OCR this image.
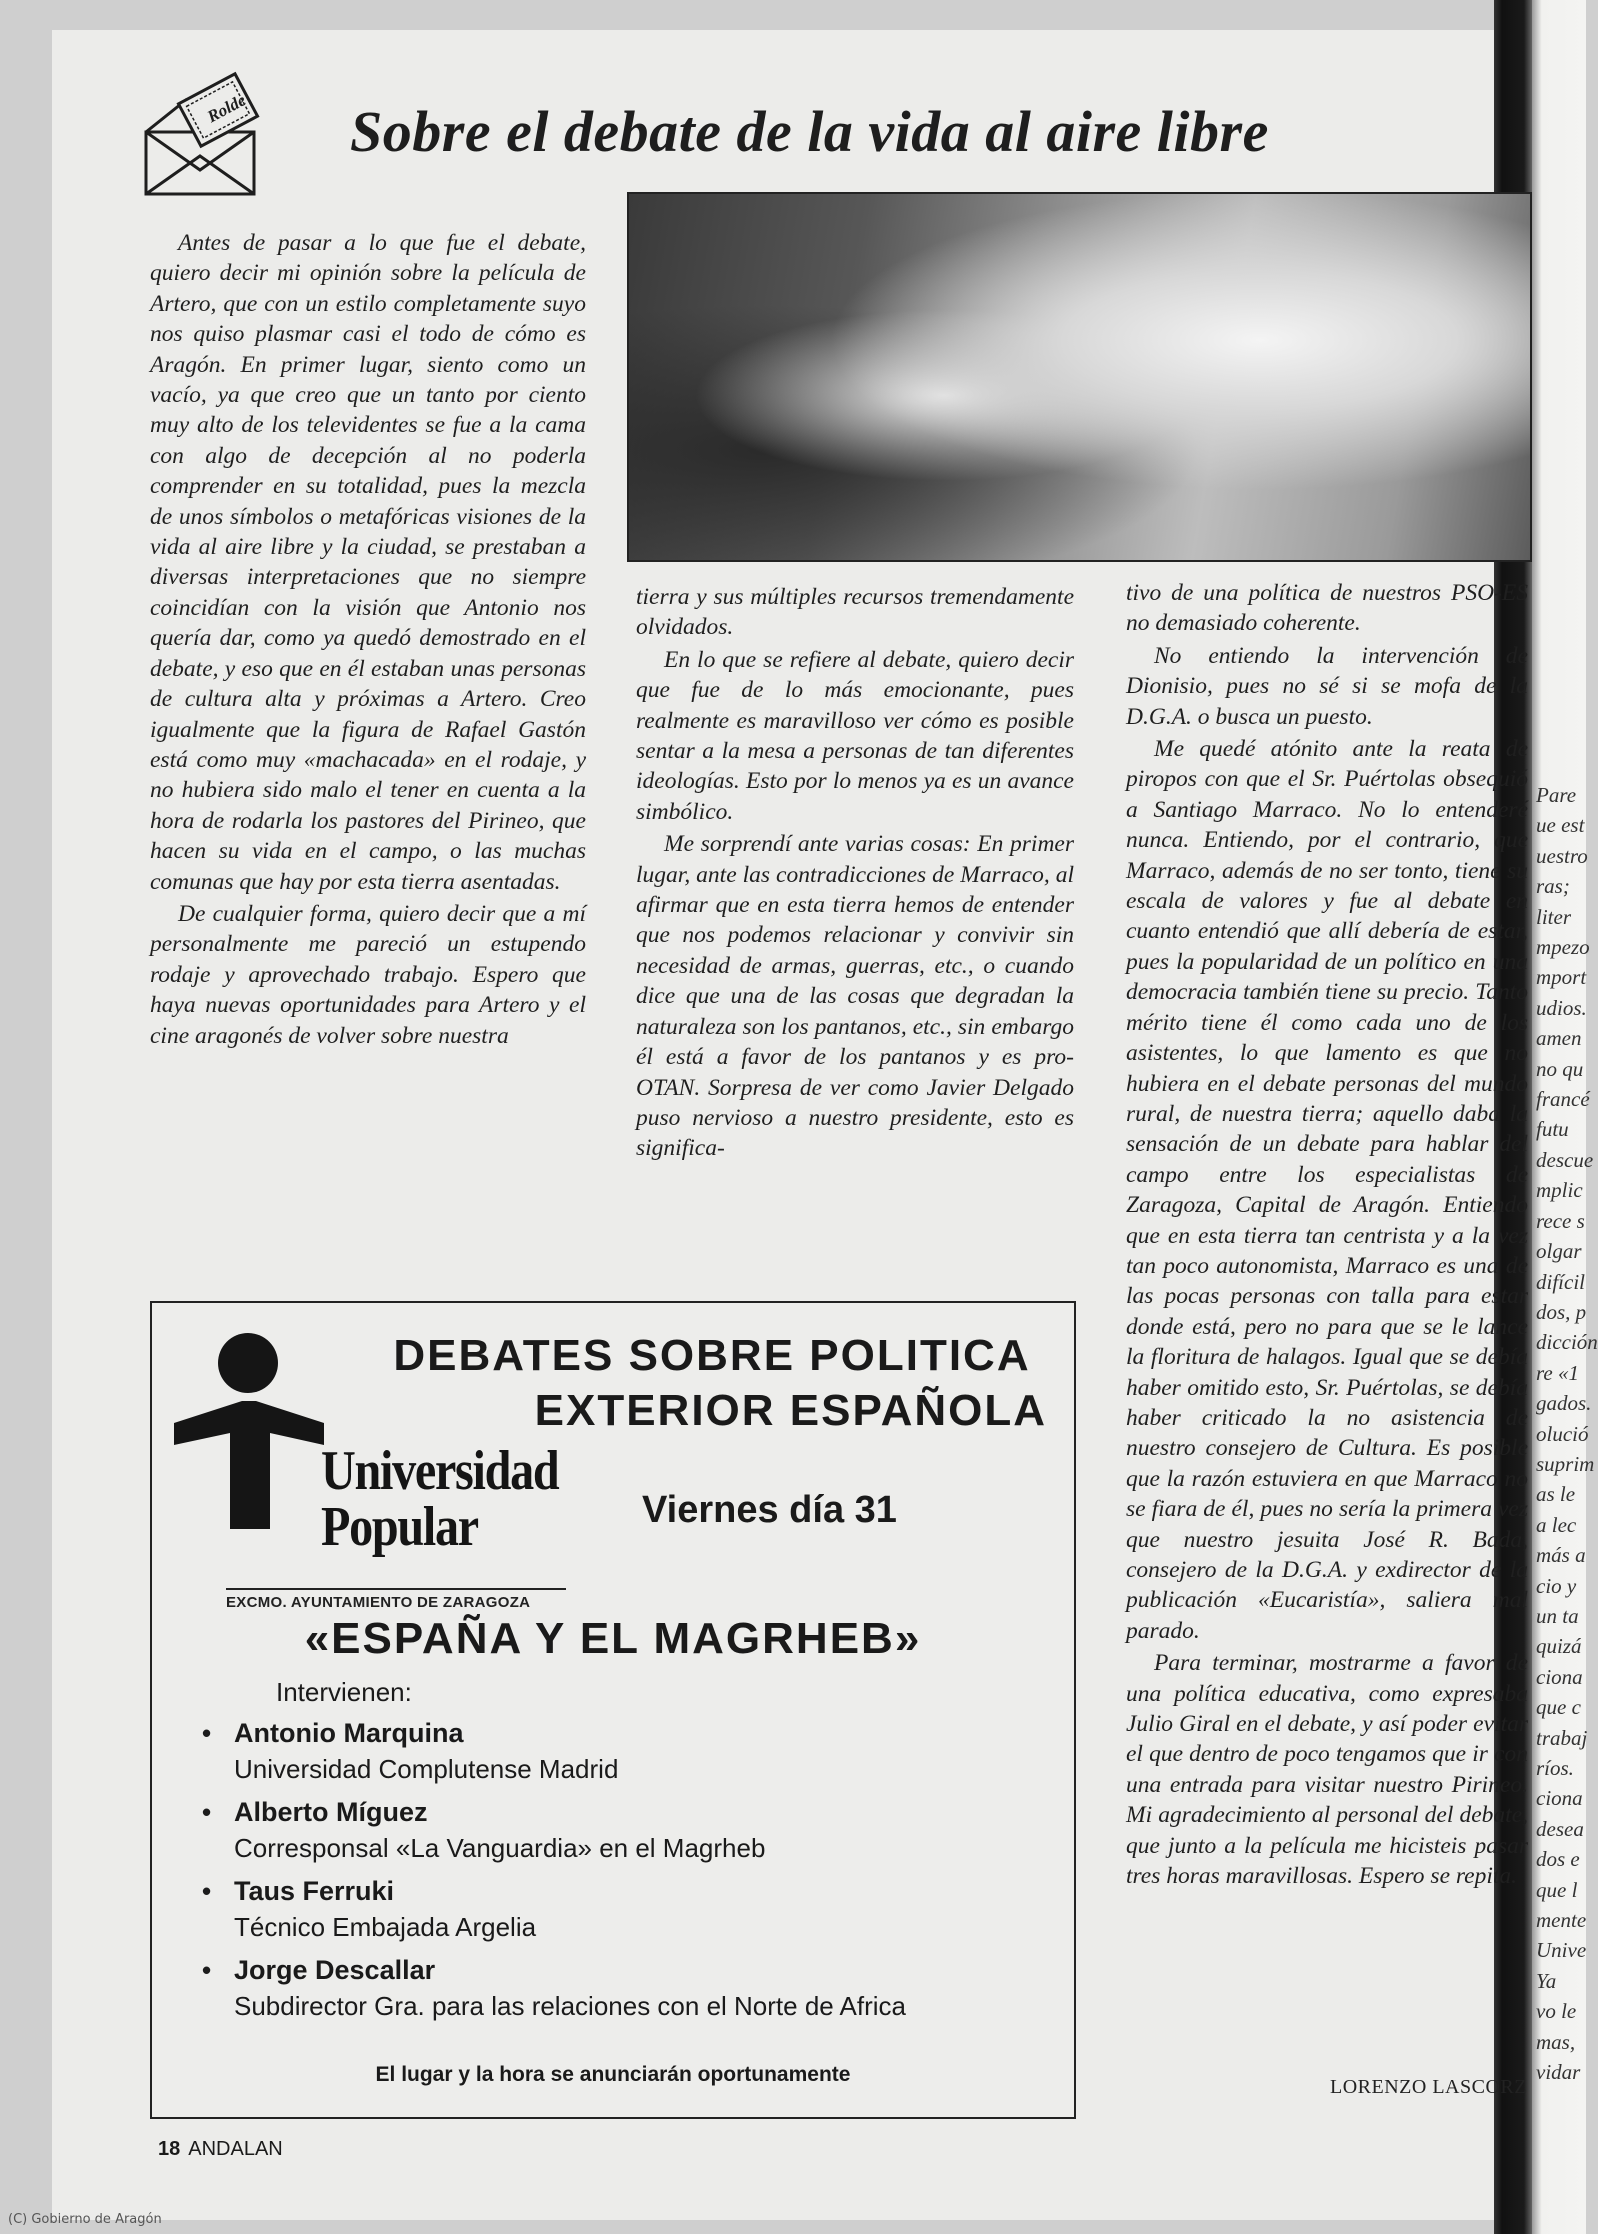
Pare
ue est
uestro
ras;
liter
mpezo
mport
udios.
amen
no qu
francé
futu
descue
mplic
rece s
olgar
difícil
dos, p
dicción
re «1
gados.
olució
suprim
as le
a lec
más a
cio y
un ta
quizá
ciona
que c
trabaj
ríos.
ciona
desea
dos e
que l
mente
Unive
Ya
vo le
mas,
vidar
Rolde Sobre el debate de la vida al aire libre

Antes de pasar a lo que fue el debate, quiero decir mi opinión sobre la película de Artero, que con un estilo completamente suyo nos quiso plasmar casi el todo de cómo es Aragón. En primer lugar, siento como un vacío, ya que creo que un tanto por ciento muy alto de los televidentes se fue a la cama con algo de decepción al no poderla comprender en su totalidad, pues la mezcla de unos símbolos o metafóricas visiones de la vida al aire libre y la ciudad, se prestaban a diversas interpretaciones que no siempre coincidían con la visión que Antonio nos quería dar, como ya quedó demostrado en el debate, y eso que en él estaban unas personas de cultura alta y próximas a Artero. Creo igualmente que la figura de Rafael Gastón está como muy «machacada» en el rodaje, y no hubiera sido malo el tener en cuenta a la hora de rodarla los pastores del Pirineo, que hacen su vida en el campo, o las muchas comunas que hay por esta tierra asentadas.

De cualquier forma, quiero decir que a mí personalmente me pareció un estupendo rodaje y aprovechado trabajo. Espero que haya nuevas oportunidades para Artero y el cine aragonés de volver sobre nuestra

tierra y sus múltiples recursos tremendamente olvidados.

En lo que se refiere al debate, quiero decir que fue de lo más emocionante, pues realmente es maravilloso ver cómo es posible sentar a la mesa a personas de tan diferentes ideologías. Esto por lo menos ya es un avance simbólico.

Me sorprendí ante varias cosas: En primer lugar, ante las contradicciones de Marraco, al afirmar que en esta tierra hemos de entender que nos podemos relacionar y convivir sin necesidad de armas, guerras, etc., o cuando dice que una de las cosas que degradan la naturaleza son los pantanos, etc., sin embargo él está a favor de los pantanos y es pro-OTAN. Sorpresa de ver como Javier Delgado puso nervioso a nuestro presidente, esto es significa-

tivo de una política de nuestros PSO-ES no demasiado coherente.

No entiendo la intervención de Dionisio, pues no sé si se mofa de la D.G.A. o busca un puesto.

Me quedé atónito ante la reata de piropos con que el Sr. Puértolas obsequió a Santiago Marraco. No lo entenderé nunca. Entiendo, por el contrario, que Marraco, además de no ser tonto, tiene su escala de valores y fue al debate en cuanto entendió que allí debería de estar, pues la popularidad de un político en una democracia también tiene su precio. Tanto mérito tiene él como cada uno de los asistentes, lo que lamento es que no hubiera en el debate personas del mundo rural, de nuestra tierra; aquello daba la sensación de un debate para hablar del campo entre los especialistas de Zaragoza, Capital de Aragón. Entiendo que en esta tierra tan centrista y a la vez tan poco autonomista, Marraco es una de las pocas personas con talla para estar donde está, pero no para que se le lance la floritura de halagos. Igual que se debía haber omitido esto, Sr. Puértolas, se debía haber criticado la no asistencia de nuestro consejero de Cultura. Es posible que la razón estuviera en que Marraco no se fiara de él, pues no sería la primera vez que nuestro jesuita José R. Bada, consejero de la D.G.A. y exdirector de la publicación «Eucaristía», saliera mal parado.

Para terminar, mostrarme a favor de una política educativa, como expresaba Julio Giral en el debate, y así poder evitar el que dentro de poco tengamos que ir con una entrada para visitar nuestro Pirineo. Mi agradecimiento al personal del debate, que junto a la película me hicisteis pasar tres horas maravillosas. Espero se repita.

LORENZO LASCORZ
DEBATES SOBRE POLITICA
EXTERIOR ESPAÑOLA
Universidad
Popular
EXCMO. AYUNTAMIENTO DE ZARAGOZA
Viernes día 31
«ESPAÑA Y EL MAGRHEB»
Intervienen:
• Antonio Marquina
Universidad Complutense Madrid
• Alberto Míguez
Corresponsal «La Vanguardia» en el Magrheb
• Taus Ferruki
Técnico Embajada Argelia
• Jorge Descallar
Subdirector Gra. para las relaciones con el Norte de Africa
El lugar y la hora se anunciarán oportunamente
18 ANDALAN
(C) Gobierno de Aragón
